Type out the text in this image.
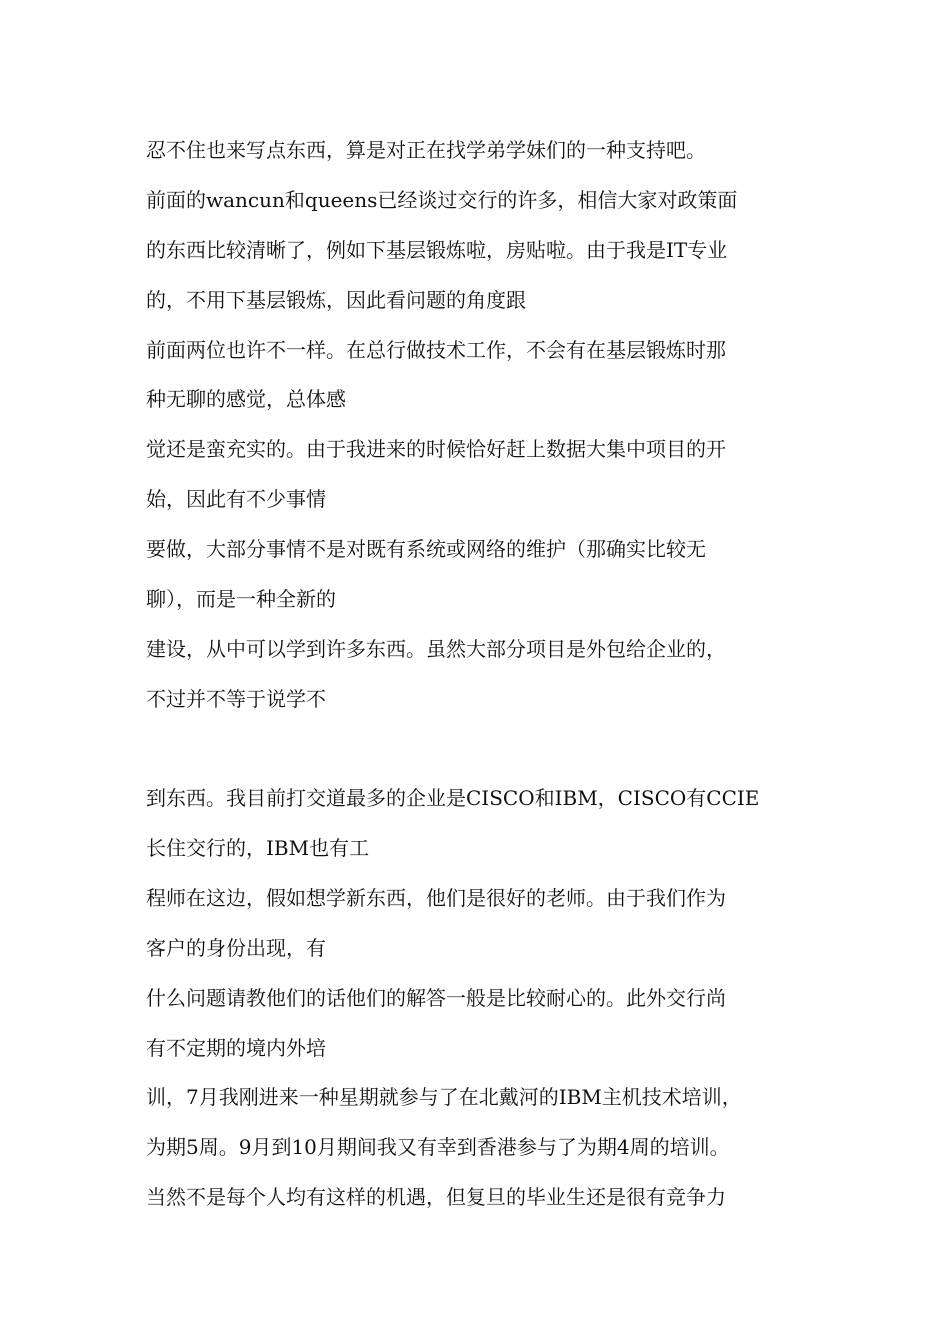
忍不住也来写点东西，算是对正在找学弟学妹们的一种支持吧。
前面的wancun和queens已经谈过交行的许多，相信大家对政策面
的东西比较清晰了，例如下基层锻炼啦，房贴啦。由于我是IT专业
的，不用下基层锻炼，因此看问题的角度跟
前面两位也许不一样。在总行做技术工作，不会有在基层锻炼时那
种无聊的感觉，总体感
觉还是蛮充实的。由于我进来的时候恰好赶上数据大集中项目的开
始，因此有不少事情
要做，大部分事情不是对既有系统或网络的维护（那确实比较无
聊），而是一种全新的
建设，从中可以学到许多东西。虽然大部分项目是外包给企业的，
不过并不等于说学不
到东西。我目前打交道最多的企业是CISCO和IBM，CISCO有CCIE
长住交行的，IBM也有工
程师在这边，假如想学新东西，他们是很好的老师。由于我们作为
客户的身份出现，有
什么问题请教他们的话他们的解答一般是比较耐心的。此外交行尚
有不定期的境内外培
训，7月我刚进来一种星期就参与了在北戴河的IBM主机技术培训，
为期5周。9月到10月期间我又有幸到香港参与了为期4周的培训。
当然不是每个人均有这样的机遇，但复旦的毕业生还是很有竞争力
